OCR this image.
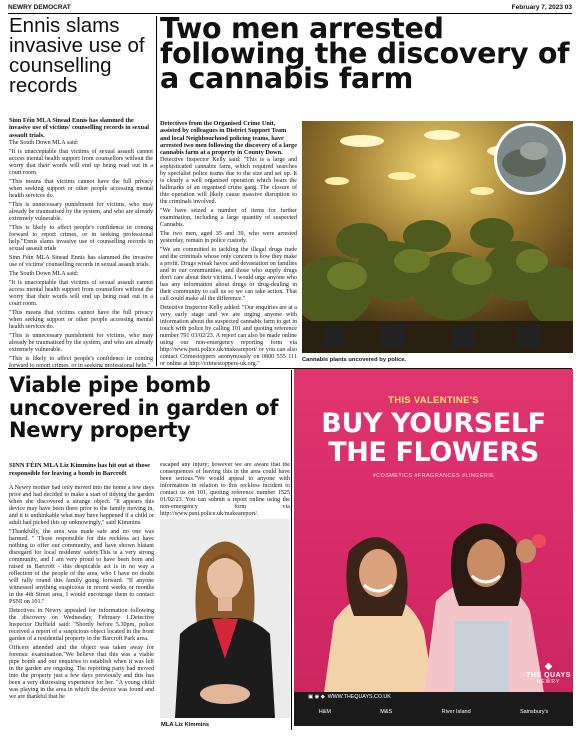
NEWRY DEMOCRAT	February 7, 2023 03
Ennis slams invasive use of counselling records

Sinn Féin MLA Sinead Ennis has slammed the invasive use of victims' counselling records in sexual assault trials.

The South Down MLA said:

"It is unacceptable that victims of sexual assault cannot access mental health support from counsellors without the worry that their words will end up being read out in a court room.

"This means that victims cannot have the full privacy when seeking support or other people accessing mental health services do.

"This is unnecessary punishment for victims, who may already be traumatised by the system, and who are already extremely vulnerable.

"This is likely to affect people's confidence in coming forward to report crimes, or in seeking professional help."Ennis slams invasive use of counselling records in sexual assault trials

Sinn Féin MLA Sinead Ennis has slammed the invasive use of victims' counselling records in sexual assault trials.

The South Down MLA said:

"It is unacceptable that victims of sexual assault cannot access mental health support from counsellors without the worry that their words will end up being read out in a court room.

"This means that victims cannot have the full privacy when seeking support or other people accessing mental health services do.

"This is unnecessary punishment for victims, who may already be traumatised by the system, and who are already extremely vulnerable.

"This is likely to affect people's confidence in coming forward to report crimes, or in seeking professional help."

Two men arrested following the discovery of a cannabis farm

Detectives from the Organised Crime Unit, assisted by colleagues in District Support Team and local Neighbourhood policing teams, have arrested two men following the discovery of a large cannabis farm at a property in County Down.

Detective Inspector Kelly said: "This is a large and sophisticated cannabis farm, which required searches by specialist police teams due to the size and set up. It is clearly a well organised operation which bears the hallmarks of an organised crime gang. The closure of this operation will likely cause massive disruption to the criminals involved.

"We have seized a number of items for further examination, including a large quantity of suspected Cannabis.

The two men, aged 35 and 39, who were arrested yesterday, remain in police custody.

"We are committed to tackling the illegal drugs trade and the criminals whose only concern is how they make a profit. Drugs wreak havoc and devastation on families and in our communities, and those who supply drugs don't care about their victims. I would urge anyone who has any information about drugs or drug-dealing in their community to call us so we can take action. That call could make all the difference."

Detective Inspector Kelly added: "Our enquiries are at a very early stage and we are urging anyone with information about the suspected cannabis farm to get in touch with police by calling 101 and quoting reference number 791 03/02/23. A report can also be made online using our non-emergency reporting form via http://www.psni.police.uk/makeareport/ or you can also contact Crimestoppers anonymously on 0800 555 111 or online at http://crimestoppers-uk.org."

Cannabis plants uncovered by police.
Viable pipe bomb uncovered in garden of Newry property
SINN FÉIN MLA Liz Kimmins has hit out at those responsible for leaving a bomb in Barcroft

A Newry mother had only moved into the home a few days prior and had decided to make a start of tidying the garden when she discovered a strange object. "It appears this device may have been there prior to the family moving in, and it is unthinkable what may have happened if a child or adult had picked this up unknowingly," said Kimmins.

"Thankfully, the area was made safe and no one was harmed. " Those responsible for this reckless act have nothing to offer our community, and have shown blatant disregard for local residents' safety.This is a very strong community, and I am very proud to have been born and raised in Barcroft - this despicable act is in no way a reflection of the people of the area, who I have no doubt will rally round this family going forward. "If anyone witnessed anything suspicious in recent weeks or months in the 4th Street area, I would encourage them to contact PSNI on 101."

Detectives in Newry appealed for information following the discovery on Wednesday, February 1.Detective Inspector Duffield said: "Shortly before 5.30pm, police received a report of a suspicious object located in the front garden of a residential property in the Barcroft Park area.

Officers attended and the object was taken away for forensic examination."We believe that this was a viable pipe bomb and our enquiries to establish when it was left in the garden are ongoing. The reporting party had moved into the property just a few days previously and this has been a very distressing experience for her. "A young child was playing in the area in which the device was found and we are thankful that he

escaped any injury; however we are aware that the consequences of leaving this in the area could have been serious."We would appeal to anyone with information in relation to this reckless incident to contact us on 101, quoting reference number 1525 01/02/23. You can submit a report online using the non-emergency form via http://www.psni.police.uk/makeareport/.

MLA Liz Kimmins
THIS VALENTINE'S
BUY YOURSELF
THE FLOWERS
#COSMETICS #FRAGRANCES #LINGERIE
◆
THE QUAYS
NEWRY
▣ ◉ ◆  WWW.THEQUAYS.CO.UK
H&M	M&S	River Island	Sainsbury's
